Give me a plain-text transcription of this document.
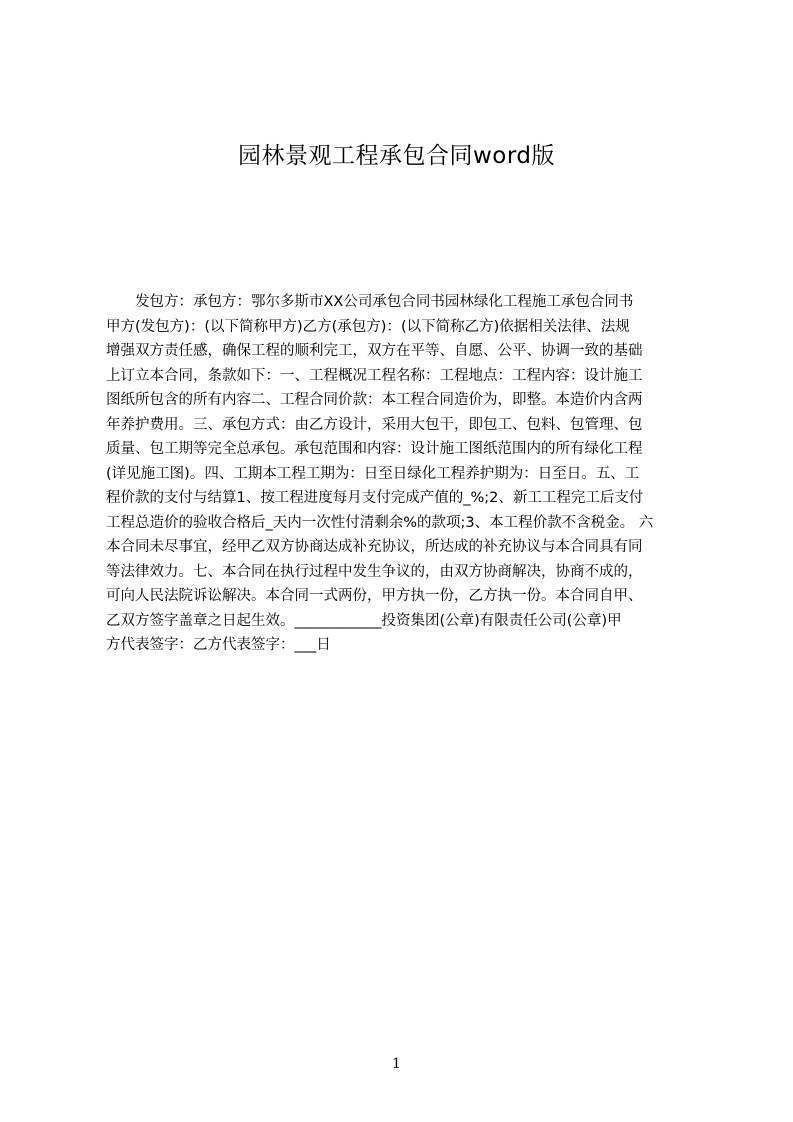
园林景观工程承包合同word版
　　发包方：承包方：鄂尔多斯市XX公司承包合同书园林绿化工程施工承包合同书
甲方(发包方)：(以下简称甲方)乙方(承包方)：(以下简称乙方)依据相关法律、法规
增强双方责任感，确保工程的顺利完工，双方在平等、自愿、公平、协调一致的基础
上订立本合同，条款如下：一、工程概况工程名称：工程地点：工程内容：设计施工
图纸所包含的所有内容二、工程合同价款：本工程合同造价为，即整。本造价内含两
年养护费用。三、承包方式：由乙方设计，采用大包干，即包工、包料、包管理、包
质量、包工期等完全总承包。承包范围和内容：设计施工图纸范围内的所有绿化工程
(详见施工图)。四、工期本工程工期为：日至日绿化工程养护期为：日至日。五、工
程价款的支付与结算1、按工程进度每月支付完成产值的_%;2、新工工程完工后支付
工程总造价的验收合格后_天内一次性付清剩余%的款项;3、本工程价款不含税金。 六
本合同未尽事宜，经甲乙双方协商达成补充协议，所达成的补充协议与本合同具有同
等法律效力。七、本合同在执行过程中发生争议的，由双方协商解决，协商不成的，
可向人民法院诉讼解决。本合同一式两份，甲方执一份，乙方执一份。本合同自甲、
乙双方签字盖章之日起生效。____________投资集团(公章)有限责任公司(公章)甲
方代表签字：乙方代表签字：___日
1
